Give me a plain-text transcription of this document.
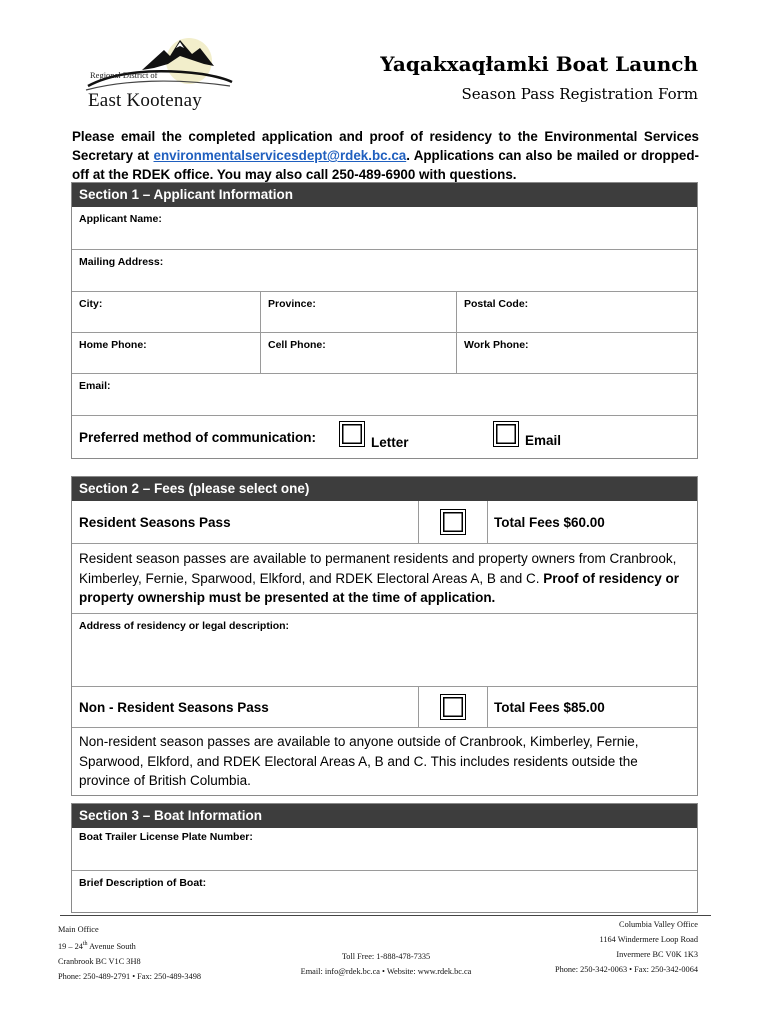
Regional District of
East Kootenay
Yaqakxaqłamki Boat Launch
Season Pass Registration Form

Please email the completed application and proof of residency to the Environmental Services Secretary at environmentalservicesdept@rdek.bc.ca. Applications can also be mailed or dropped-off at the RDEK office. You may also call 250-489-6900 with questions.

Section 1 – Applicant Information
Applicant Name:
Mailing Address:
City:	Province:	Postal Code:
Home Phone:	Cell Phone:	Work Phone:
Email:
Preferred method of communication:	Letter	Email
Section 2 – Fees (please select one)
Resident Seasons Pass	Total Fees $60.00

Resident season passes are available to permanent residents and property owners from Cranbrook, Kimberley, Fernie, Sparwood, Elkford, and RDEK Electoral Areas A, B and C. Proof of residency or property ownership must be presented at the time of application.

Address of residency or legal description:
Non - Resident Seasons Pass	Total Fees $85.00

Non-resident season passes are available to anyone outside of Cranbrook, Kimberley, Fernie, Sparwood, Elkford, and RDEK Electoral Areas A, B and C. This includes residents outside the province of British Columbia.

Section 3 – Boat Information
Boat Trailer License Plate Number:
Brief Description of Boat:
Main Office
19 – 24th Avenue South
Cranbrook BC V1C 3H8
Phone: 250-489-2791 • Fax: 250-489-3498
Toll Free: 1-888-478-7335
Email: info@rdek.bc.ca • Website: www.rdek.bc.ca
Columbia Valley Office
1164 Windermere Loop Road
Invermere BC V0K 1K3
Phone: 250-342-0063 • Fax: 250-342-0064
